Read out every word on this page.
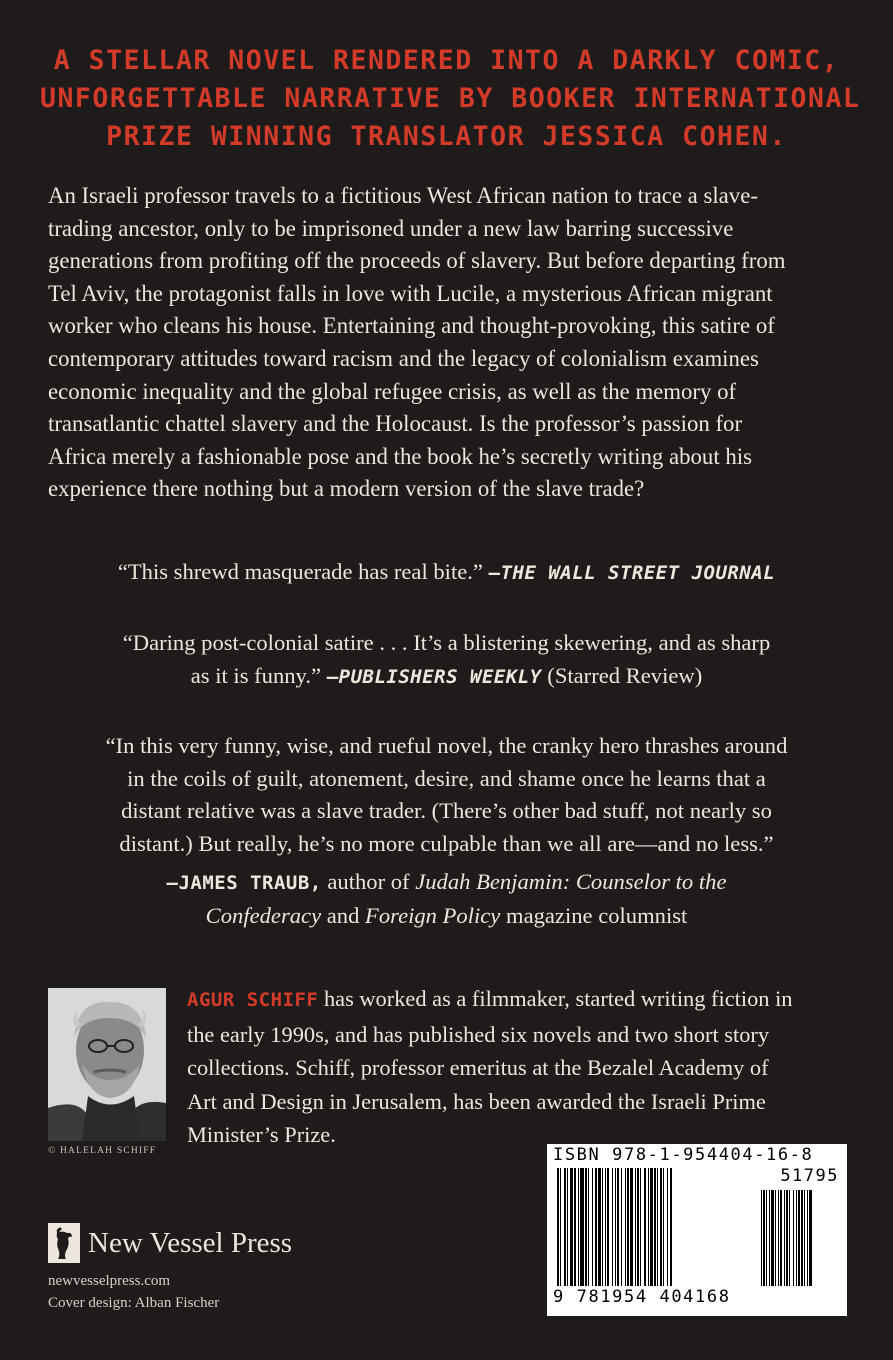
A STELLAR NOVEL RENDERED INTO A DARKLY COMIC,
UNFORGETTABLE NARRATIVE BY BOOKER INTERNATIONAL
PRIZE WINNING TRANSLATOR JESSICA COHEN.
An Israeli professor travels to a fictitious West African nation to trace a slave-
trading ancestor, only to be imprisoned under a new law barring successive
generations from profiting off the proceeds of slavery. But before departing from
Tel Aviv, the protagonist falls in love with Lucile, a mysterious African migrant
worker who cleans his house. Entertaining and thought-provoking, this satire of
contemporary attitudes toward racism and the legacy of colonialism examines
economic inequality and the global refugee crisis, as well as the memory of
transatlantic chattel slavery and the Holocaust. Is the professor’s passion for
Africa merely a fashionable pose and the book he’s secretly writing about his
experience there nothing but a modern version of the slave trade?
“This shrewd masquerade has real bite.” —THE WALL STREET JOURNAL
“Daring post-colonial satire . . . It’s a blistering skewering, and as sharp
as it is funny.” —PUBLISHERS WEEKLY (Starred Review)
“In this very funny, wise, and rueful novel, the cranky hero thrashes around
in the coils of guilt, atonement, desire, and shame once he learns that a
distant relative was a slave trader. (There’s other bad stuff, not nearly so
distant.) But really, he’s no more culpable than we all are—and no less.”
—JAMES TRAUB, author of Judah Benjamin: Counselor to the
Confederacy and Foreign Policy magazine columnist
© HALELAH SCHIFF
AGUR SCHIFF has worked as a filmmaker, started writing fiction in
the early 1990s, and has published six novels and two short story
collections. Schiff, professor emeritus at the Bezalel Academy of
Art and Design in Jerusalem, has been awarded the Israeli Prime
Minister’s Prize.
New Vessel Press
newvesselpress.com
Cover design: Alban Fischer
ISBN 978-1-954404-16-8
51795
9 781954 404168
